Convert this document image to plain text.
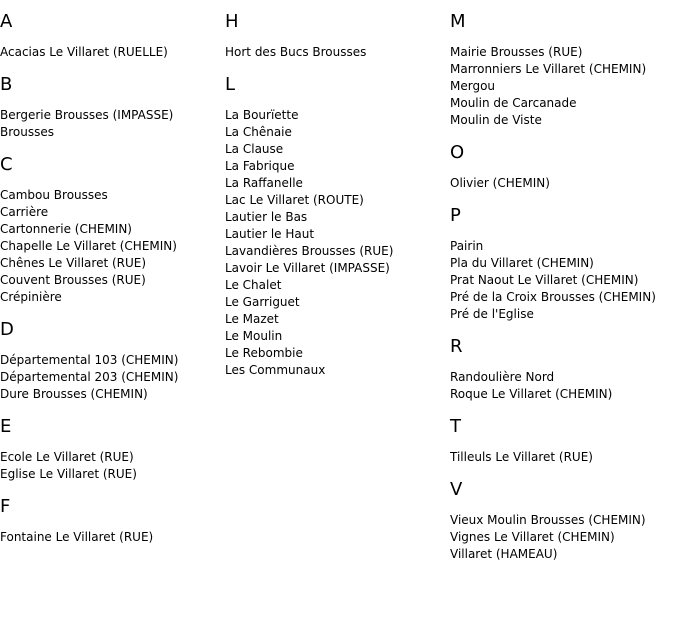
A
Acacias Le Villaret (RUELLE)
B
Bergerie Brousses (IMPASSE)
Brousses
C
Cambou Brousses
Carrière
Cartonnerie (CHEMIN)
Chapelle Le Villaret (CHEMIN)
Chênes Le Villaret (RUE)
Couvent Brousses (RUE)
Crépinière
D
Départemental 103 (CHEMIN)
Départemental 203 (CHEMIN)
Dure Brousses (CHEMIN)
E
Ecole Le Villaret (RUE)
Eglise Le Villaret (RUE)
F
Fontaine Le Villaret (RUE)
H
Hort des Bucs Brousses
L
La Bourïette
La Chênaie
La Clause
La Fabrique
La Raffanelle
Lac Le Villaret (ROUTE)
Lautier le Bas
Lautier le Haut
Lavandières Brousses (RUE)
Lavoir Le Villaret (IMPASSE)
Le Chalet
Le Garriguet
Le Mazet
Le Moulin
Le Rebombie
Les Communaux
M
Mairie Brousses (RUE)
Marronniers Le Villaret (CHEMIN)
Mergou
Moulin de Carcanade
Moulin de Viste
O
Olivier (CHEMIN)
P
Pairin
Pla du Villaret (CHEMIN)
Prat Naout Le Villaret (CHEMIN)
Pré de la Croix Brousses (CHEMIN)
Pré de l'Eglise
R
Randoulière Nord
Roque Le Villaret (CHEMIN)
T
Tilleuls Le Villaret (RUE)
V
Vieux Moulin Brousses (CHEMIN)
Vignes Le Villaret (CHEMIN)
Villaret (HAMEAU)
